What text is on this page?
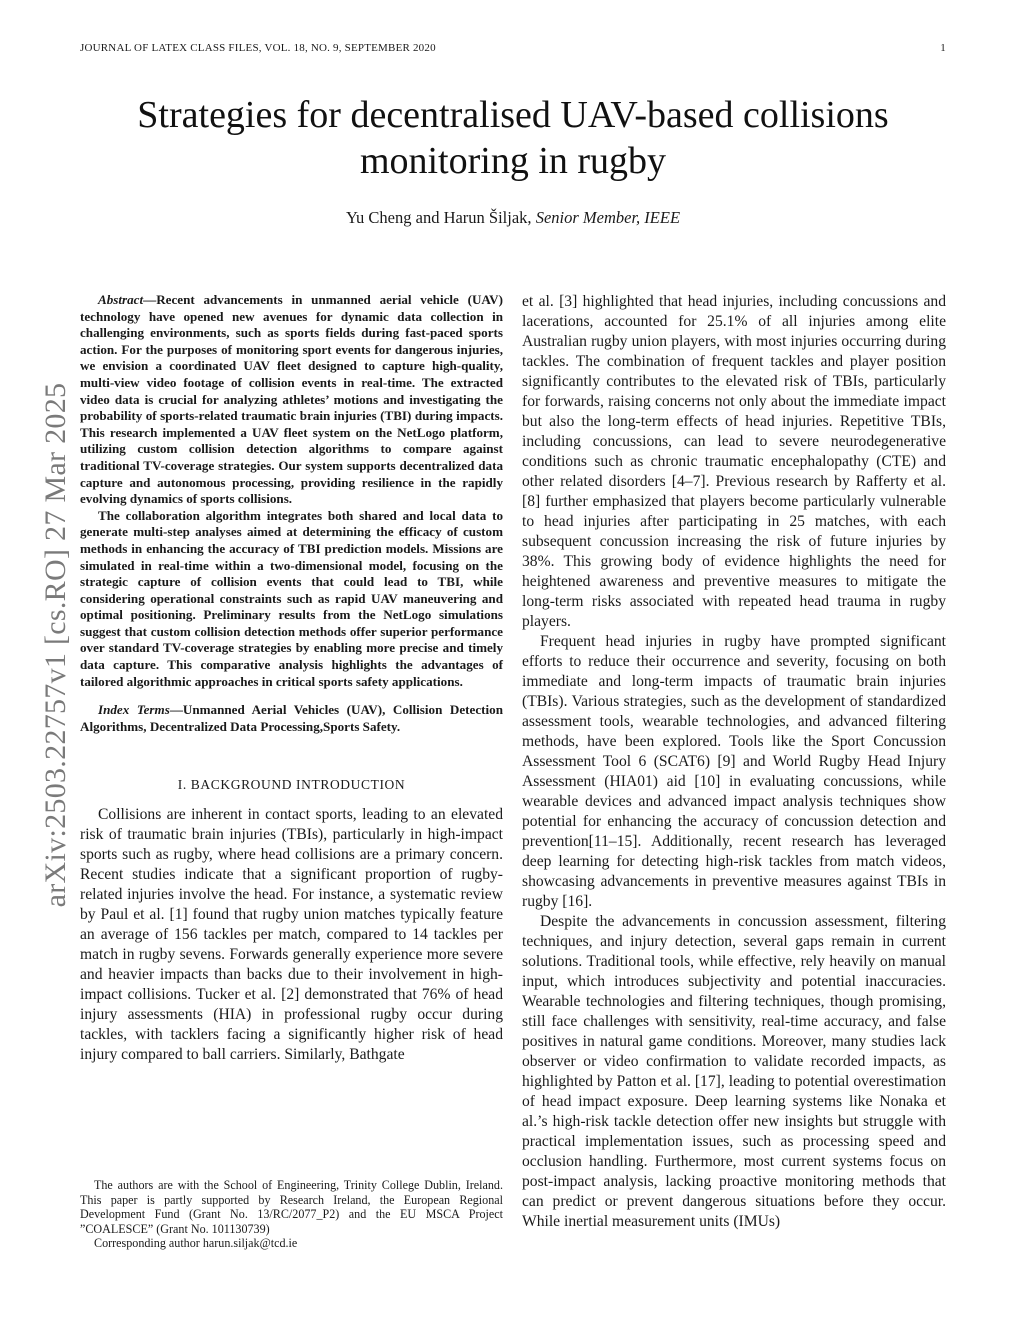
JOURNAL OF LATEX CLASS FILES, VOL. 18, NO. 9, SEPTEMBER 2020	1
arXiv:2503.22757v1 [cs.RO] 27 Mar 2025
Strategies for decentralised UAV-based collisions
monitoring in rugby
Yu Cheng and Harun Šiljak, Senior Member, IEEE

Abstract—Recent advancements in unmanned aerial vehicle (UAV) technology have opened new avenues for dynamic data collection in challenging environments, such as sports fields during fast-paced sports action. For the purposes of monitoring sport events for dangerous injuries, we envision a coordinated UAV fleet designed to capture high-quality, multi-view video footage of collision events in real-time. The extracted video data is crucial for analyzing athletes’ motions and investigating the probability of sports-related traumatic brain injuries (TBI) during impacts. This research implemented a UAV fleet system on the NetLogo platform, utilizing custom collision detection algorithms to compare against traditional TV-coverage strategies. Our system supports decentralized data capture and autonomous processing, providing resilience in the rapidly evolving dynamics of sports collisions.

The collaboration algorithm integrates both shared and local data to generate multi-step analyses aimed at determining the efficacy of custom methods in enhancing the accuracy of TBI prediction models. Missions are simulated in real-time within a two-dimensional model, focusing on the strategic capture of collision events that could lead to TBI, while considering operational constraints such as rapid UAV maneuvering and optimal positioning. Preliminary results from the NetLogo simulations suggest that custom collision detection methods offer superior performance over standard TV-coverage strategies by enabling more precise and timely data capture. This comparative analysis highlights the advantages of tailored algorithmic approaches in critical sports safety applications.

Index Terms—Unmanned Aerial Vehicles (UAV), Collision Detection Algorithms, Decentralized Data Processing,Sports Safety.

I. BACKGROUND INTRODUCTION

Collisions are inherent in contact sports, leading to an elevated risk of traumatic brain injuries (TBIs), particularly in high-impact sports such as rugby, where head collisions are a primary concern. Recent studies indicate that a significant proportion of rugby-related injuries involve the head. For instance, a systematic review by Paul et al. [1] found that rugby union matches typically feature an average of 156 tackles per match, compared to 14 tackles per match in rugby sevens. Forwards generally experience more severe and heavier impacts than backs due to their involvement in high-impact collisions. Tucker et al. [2] demonstrated that 76% of head injury assessments (HIA) in professional rugby occur during tackles, with tacklers facing a significantly higher risk of head injury compared to ball carriers. Similarly, Bathgate

et al. [3] highlighted that head injuries, including concussions and lacerations, accounted for 25.1% of all injuries among elite Australian rugby union players, with most injuries occurring during tackles. The combination of frequent tackles and player position significantly contributes to the elevated risk of TBIs, particularly for forwards, raising concerns not only about the immediate impact but also the long-term effects of head injuries. Repetitive TBIs, including concussions, can lead to severe neurodegenerative conditions such as chronic traumatic encephalopathy (CTE) and other related disorders [4–7]. Previous research by Rafferty et al. [8] further emphasized that players become particularly vulnerable to head injuries after participating in 25 matches, with each subsequent concussion increasing the risk of future injuries by 38%. This growing body of evidence highlights the need for heightened awareness and preventive measures to mitigate the long-term risks associated with repeated head trauma in rugby players.

Frequent head injuries in rugby have prompted significant efforts to reduce their occurrence and severity, focusing on both immediate and long-term impacts of traumatic brain injuries (TBIs). Various strategies, such as the development of standardized assessment tools, wearable technologies, and advanced filtering methods, have been explored. Tools like the Sport Concussion Assessment Tool 6 (SCAT6) [9] and World Rugby Head Injury Assessment (HIA01) aid [10] in evaluating concussions, while wearable devices and advanced impact analysis techniques show potential for enhancing the accuracy of concussion detection and prevention[11–15]. Additionally, recent research has leveraged deep learning for detecting high-risk tackles from match videos, showcasing advancements in preventive measures against TBIs in rugby [16].

Despite the advancements in concussion assessment, filtering techniques, and injury detection, several gaps remain in current solutions. Traditional tools, while effective, rely heavily on manual input, which introduces subjectivity and potential inaccuracies. Wearable technologies and filtering techniques, though promising, still face challenges with sensitivity, real-time accuracy, and false positives in natural game conditions. Moreover, many studies lack observer or video confirmation to validate recorded impacts, as highlighted by Patton et al. [17], leading to potential overestimation of head impact exposure. Deep learning systems like Nonaka et al.’s high-risk tackle detection offer new insights but struggle with practical implementation issues, such as processing speed and occlusion handling. Furthermore, most current systems focus on post-impact analysis, lacking proactive monitoring methods that can predict or prevent dangerous situations before they occur. While inertial measurement units (IMUs)

The authors are with the School of Engineering, Trinity College Dublin, Ireland. This paper is partly supported by Research Ireland, the European Regional Development Fund (Grant No. 13/RC/2077_P2) and the EU MSCA Project ”COALESCE” (Grant No. 101130739)

Corresponding author harun.siljak@tcd.ie
